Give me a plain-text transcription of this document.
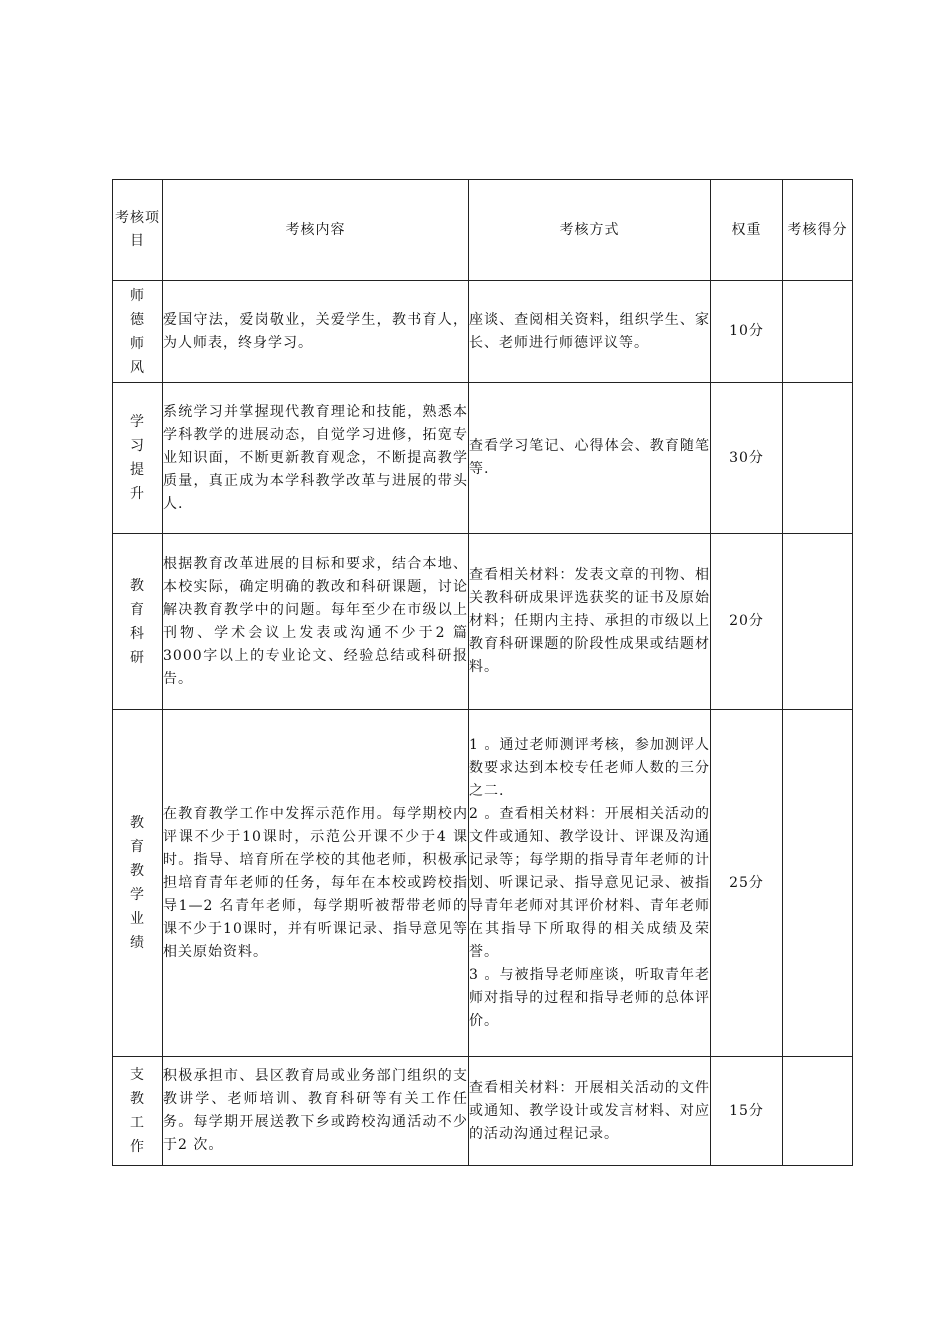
考核项目	考核内容	考核方式	权重	考核得分

师德师风	爱国守法，爱岗敬业，关爱学生，教书育人，为人师表，终身学习。	座谈、查阅相关资料，组织学生、家长、老师进行师德评议等。	10分	

学习提升	系统学习并掌握现代教育理论和技能，熟悉本学科教学的进展动态，自觉学习进修，拓宽专业知识面，不断更新教育观念，不断提高教学质量，真正成为本学科教学改革与进展的带头人.	查看学习笔记、心得体会、教育随笔等.	30分	

教育科研	根据教育改革进展的目标和要求，结合本地、本校实际，确定明确的教改和科研课题，讨论解决教育教学中的问题。每年至少在市级以上刊物、学术会议上发表或沟通不少于2 篇3000字以上的专业论文、经验总结或科研报告。	查看相关材料：发表文章的刊物、相关教科研成果评选获奖的证书及原始材料；任期内主持、承担的市级以上教育科研课题的阶段性成果或结题材料。	20分	

教育教学业绩	在教育教学工作中发挥示范作用。每学期校内评课不少于10课时，示范公开课不少于4 课时。指导、培育所在学校的其他老师，积极承担培育青年老师的任务，每年在本校或跨校指导1—2 名青年老师，每学期听被帮带老师的课不少于10课时，并有听课记录、指导意见等相关原始资料。	1 。通过老师测评考核，参加测评人数要求达到本校专任老师人数的三分之二.
2 。查看相关材料：开展相关活动的文件或通知、教学设计、评课及沟通记录等；每学期的指导青年老师的计划、听课记录、指导意见记录、被指导青年老师对其评价材料、青年老师在其指导下所取得的相关成绩及荣誉。
3 。与被指导老师座谈，听取青年老师对指导的过程和指导老师的总体评价。	25分	

支教工作	积极承担市、县区教育局或业务部门组织的支教讲学、老师培训、教育科研等有关工作任务。每学期开展送教下乡或跨校沟通活动不少于2 次。	查看相关材料：开展相关活动的文件或通知、教学设计或发言材料、对应的活动沟通过程记录。	15分	
